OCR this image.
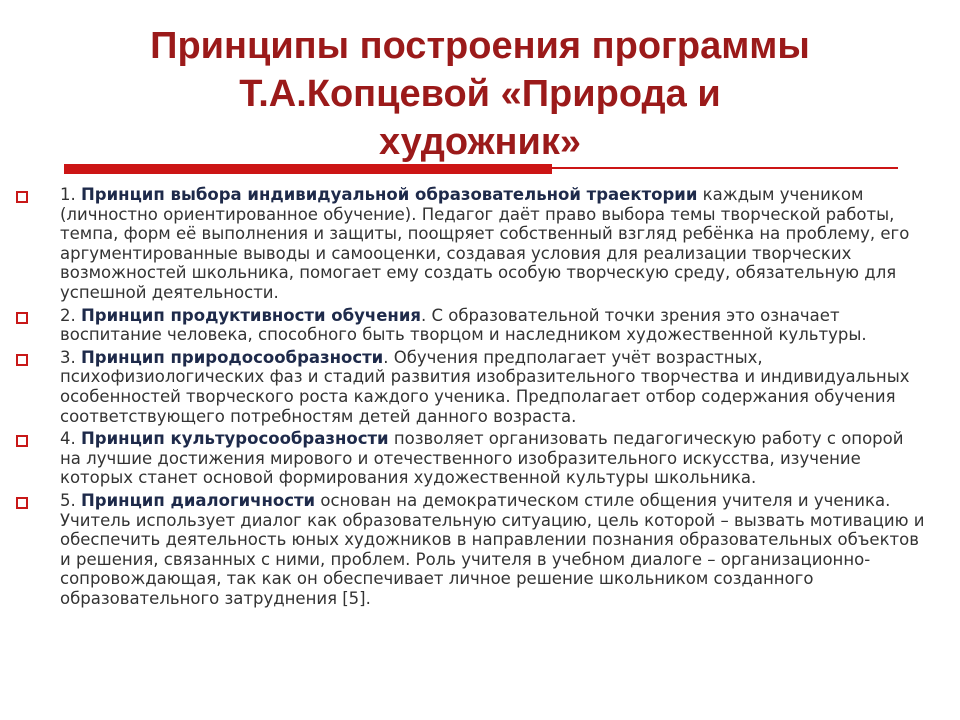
Принципы построения программы
Т.А.Копцевой «Природа и
художник»
1. Принцип выбора индивидуальной образовательной траектории каждым учеником (личностно ориентированное обучение). Педагог даёт право выбора темы творческой работы, темпа, форм её выполнения и защиты, поощряет собственный взгляд ребёнка на проблему, его аргументированные выводы и самооценки, создавая условия для реализации творческих возможностей школьника, помогает ему создать особую творческую среду, обязательную для успешной деятельности.
2. Принцип продуктивности обучения. С образовательной точки зрения это означает воспитание человека, способного быть творцом и наследником художественной культуры.
3. Принцип природосообразности. Обучения предполагает учёт возрастных, психофизиологических фаз и стадий развития изобразительного творчества и индивидуальных особенностей творческого роста каждого ученика. Предполагает отбор содержания обучения соответствующего потребностям детей данного возраста.
4. Принцип культуросообразности позволяет организовать педагогическую работу с опорой на лучшие достижения мирового и отечественного изобразительного искусства, изучение которых станет основой формирования художественной культуры школьника.
5. Принцип диалогичности основан на демократическом стиле общения учителя и ученика. Учитель использует диалог как образовательную ситуацию, цель которой – вызвать мотивацию и обеспечить деятельность юных художников в направлении познания образовательных объектов и решения, связанных с ними, проблем. Роль учителя в учебном диалоге – организационно-сопровождающая, так как он обеспечивает личное решение школьником созданного образовательного затруднения [5].
